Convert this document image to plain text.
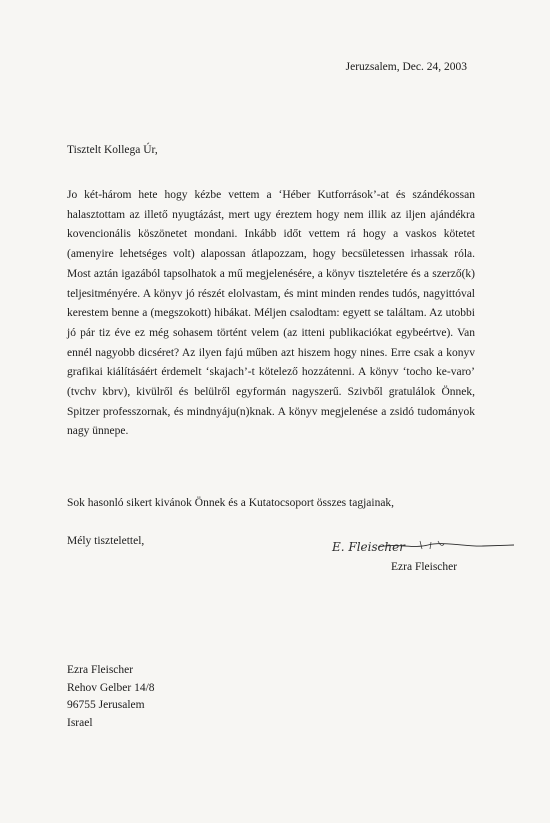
Jeruzsalem, Dec. 24, 2003
Tisztelt Kollega Úr,

Jo két-három hete hogy kézbe vettem a ‘Héber Kutforrások’-at és szándékossan halasztottam az illető nyugtázást, mert ugy éreztem hogy nem illik az iljen ajándékra kovencionális köszönetet mondani. Inkább időt vettem rá hogy a vaskos kötetet (amenyire lehetséges volt) alapossan átlapozzam, hogy becsületessen irhassak róla. Most aztán igazából tapsolhatok a mű megjelenésére, a könyv tiszteletére és a szerző(k) teljesitményére. A könyv jó részét elolvastam, és mint minden rendes tudós, nagyittóval kerestem benne a (megszokott) hibákat. Méljen csalodtam: egyett se találtam. Az utobbi jó pár tiz éve ez még sohasem történt velem (az itteni publikaciókat egybeértve). Van ennél nagyobb dicséret? Az ilyen fajú műben azt hiszem hogy nines. Erre csak a konyv grafikai kiálításáért érdemelt ‘skajach’-t kötelező hozzátenni. A könyv ‘tocho ke-varo’ (tvchv kbrv), kivülről és belülről egyformán nagyszerű. Szivből gratulálok Önnek, Spitzer professzornak, és mindnyáju(n)knak. A könyv megjelenése a zsidó tudományok nagy ünnepe.

Sok hasonló sikert kivánok Önnek és a Kutatocsoport összes tagjainak,
Mély tisztelettel,	E. Fleischer
Ezra Fleischer
Ezra Fleischer
Rehov Gelber 14/8
96755 Jerusalem
Israel
